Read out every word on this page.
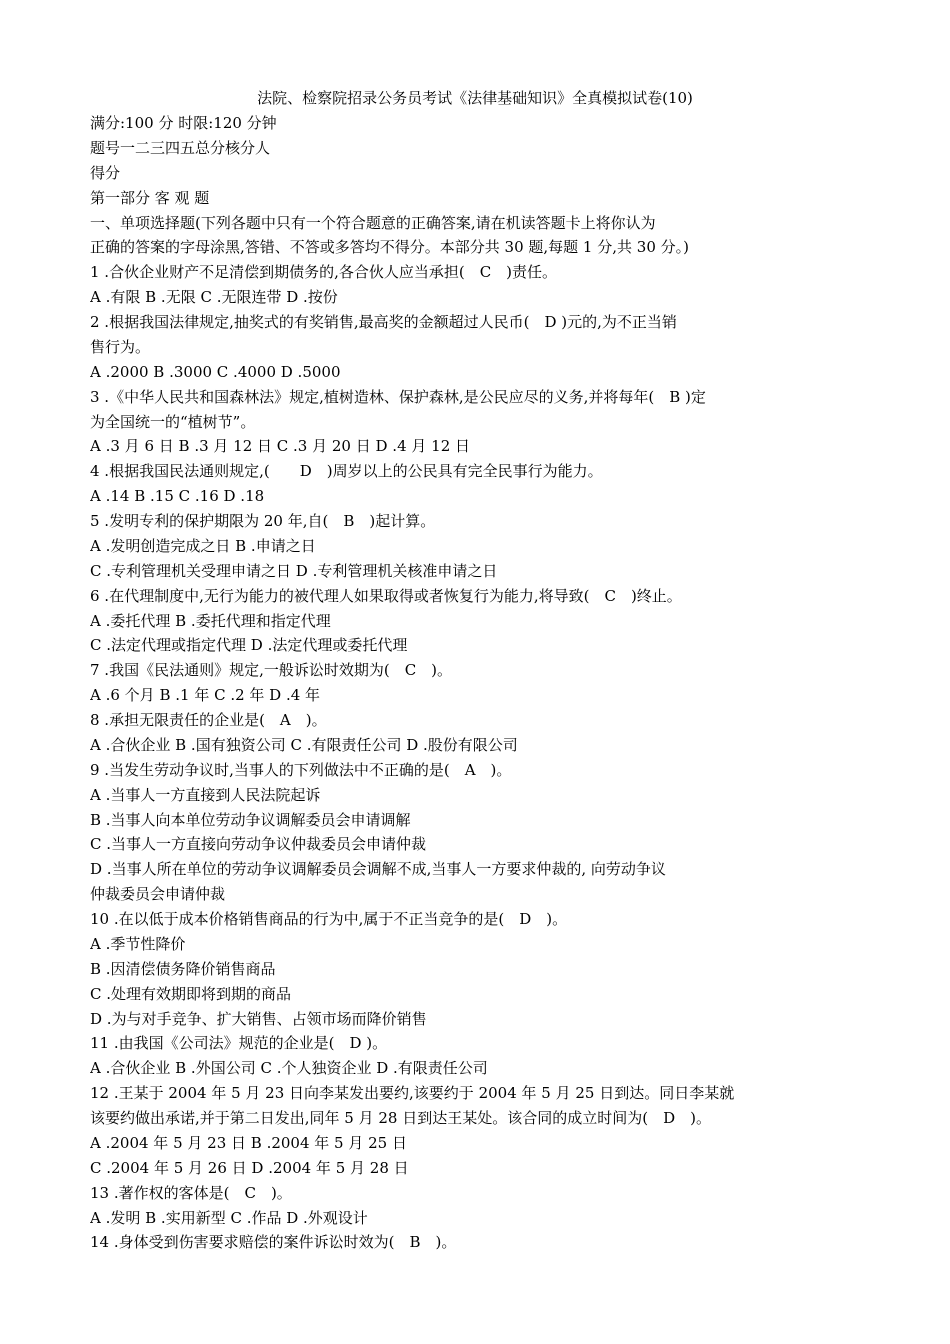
法院、检察院招录公务员考试《法律基础知识》全真模拟试卷(10)
满分:100 分 时限:120 分钟
题号一二三四五总分核分人
得分
第一部分 客 观 题
一、单项选择题(下列各题中只有一个符合题意的正确答案,请在机读答题卡上将你认为
正确的答案的字母涂黑,答错、不答或多答均不得分。本部分共 30 题,每题 1 分,共 30 分。)
1 .合伙企业财产不足清偿到期债务的,各合伙人应当承担(　C　)责任。
A .有限 B .无限 C .无限连带 D .按份
2 .根据我国法律规定,抽奖式的有奖销售,最高奖的金额超过人民币(　D )元的,为不正当销
售行为。
A .2000 B .3000 C .4000 D .5000
3 .《中华人民共和国森林法》规定,植树造林、保护森林,是公民应尽的义务,并将每年(　B )定
为全国统一的“植树节”。
A .3 月 6 日 B .3 月 12 日 C .3 月 20 日 D .4 月 12 日
4 .根据我国民法通则规定,(　　D　)周岁以上的公民具有完全民事行为能力。
A .14 B .15 C .16 D .18
5 .发明专利的保护期限为 20 年,自(　B　)起计算。
A .发明创造完成之日 B .申请之日
C .专利管理机关受理申请之日 D .专利管理机关核准申请之日
6 .在代理制度中,无行为能力的被代理人如果取得或者恢复行为能力,将导致(　C　)终止。
A .委托代理 B .委托代理和指定代理
C .法定代理或指定代理 D .法定代理或委托代理
7 .我国《民法通则》规定,一般诉讼时效期为(　C　)。
A .6 个月 B .1 年 C .2 年 D .4 年
8 .承担无限责任的企业是(　A　)。
A .合伙企业 B .国有独资公司 C .有限责任公司 D .股份有限公司
9 .当发生劳动争议时,当事人的下列做法中不正确的是(　A　)。
A .当事人一方直接到人民法院起诉
B .当事人向本单位劳动争议调解委员会申请调解
C .当事人一方直接向劳动争议仲裁委员会申请仲裁
D .当事人所在单位的劳动争议调解委员会调解不成,当事人一方要求仲裁的, 向劳动争议
仲裁委员会申请仲裁
10 .在以低于成本价格销售商品的行为中,属于不正当竞争的是(　D　)。
A .季节性降价
B .因清偿债务降价销售商品
C .处理有效期即将到期的商品
D .为与对手竞争、扩大销售、占领市场而降价销售
11 .由我国《公司法》规范的企业是(　D )。
A .合伙企业 B .外国公司 C .个人独资企业 D .有限责任公司
12 .王某于 2004 年 5 月 23 日向李某发出要约,该要约于 2004 年 5 月 25 日到达。同日李某就
该要约做出承诺,并于第二日发出,同年 5 月 28 日到达王某处。该合同的成立时间为(　D　)。
A .2004 年 5 月 23 日 B .2004 年 5 月 25 日
C .2004 年 5 月 26 日 D .2004 年 5 月 28 日
13 .著作权的客体是(　C　)。
A .发明 B .实用新型 C .作品 D .外观设计
14 .身体受到伤害要求赔偿的案件诉讼时效为(　B　)。
